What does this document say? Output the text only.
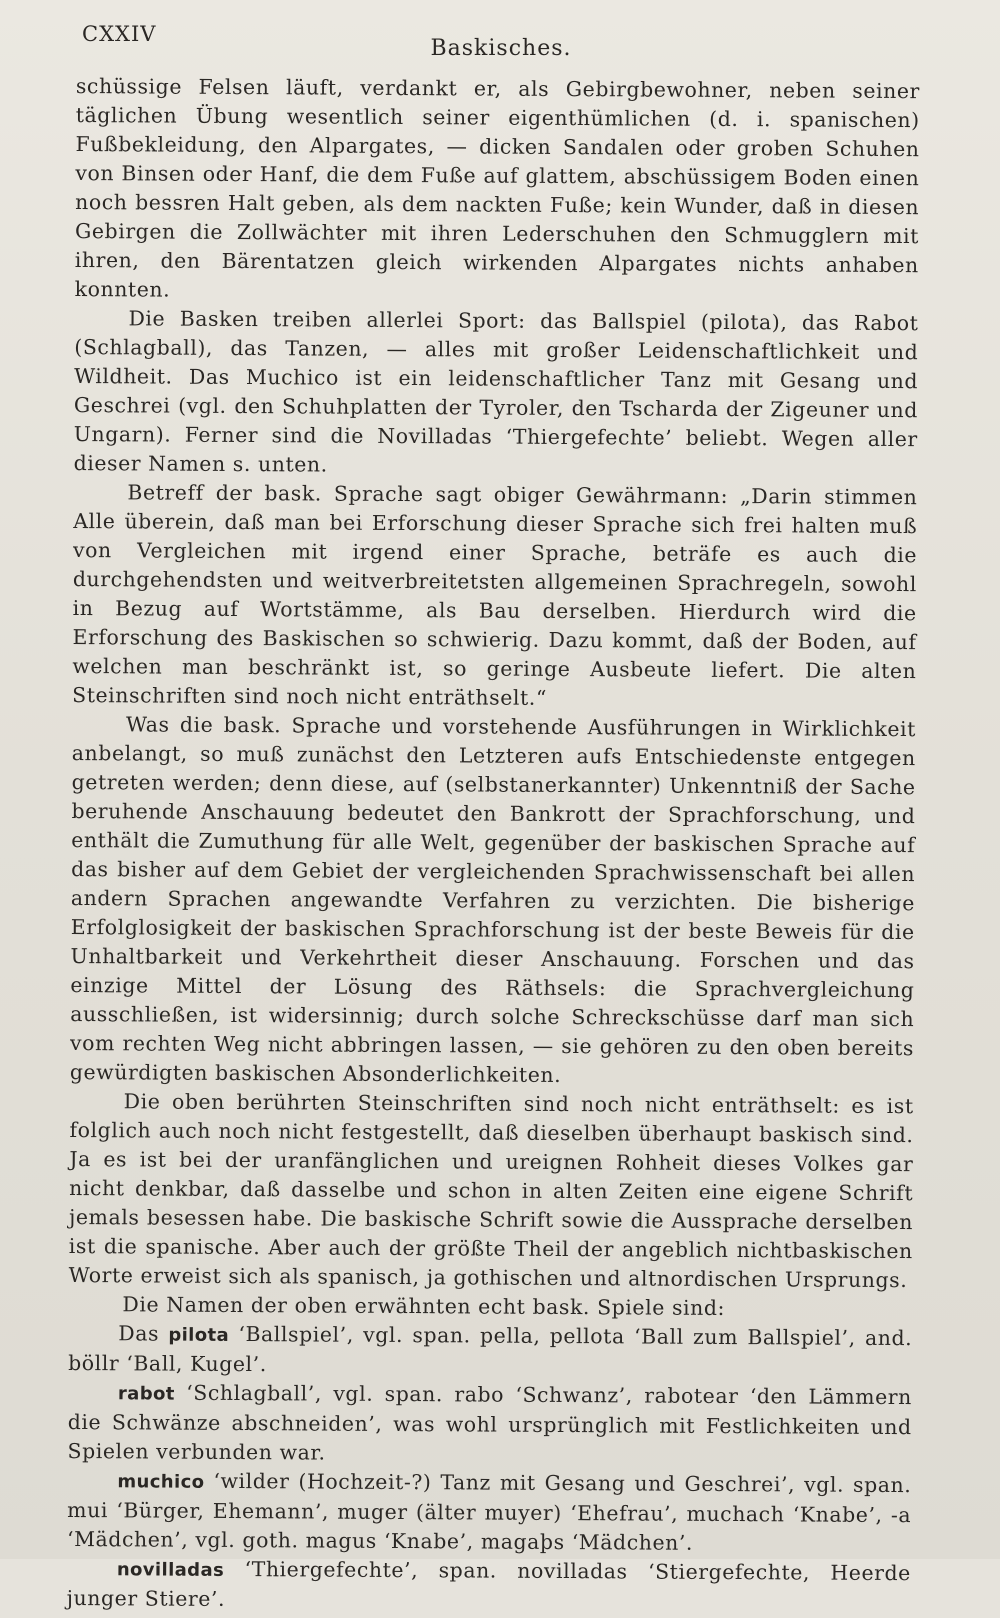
CXXIV
Baskisches.

schüssige Felsen läuft, verdankt er, als Gebirgbewohner, neben seiner täglichen Übung wesentlich seiner eigenthümlichen (d. i. spanischen) Fußbekleidung, den Alpargates, — dicken Sandalen oder groben Schuhen von Binsen oder Hanf, die dem Fuße auf glattem, abschüssigem Boden einen noch bessren Halt geben, als dem nackten Fuße; kein Wunder, daß in diesen Gebirgen die Zollwächter mit ihren Lederschuhen den Schmugglern mit ihren, den Bärentatzen gleich wirkenden Alpargates nichts anhaben konnten.

Die Basken treiben allerlei Sport: das Ballspiel (pilota), das Rabot (Schlagball), das Tanzen, — alles mit großer Leidenschaftlichkeit und Wildheit. Das Muchico ist ein leidenschaftlicher Tanz mit Gesang und Geschrei (vgl. den Schuhplatten der Tyroler, den Tscharda der Zigeuner und Ungarn). Ferner sind die Novilladas ‘Thiergefechte’ beliebt. Wegen aller dieser Namen s. unten.

Betreff der bask. Sprache sagt obiger Gewährmann: „Darin stimmen Alle überein, daß man bei Erforschung dieser Sprache sich frei halten muß von Vergleichen mit irgend einer Sprache, beträfe es auch die durchgehendsten und weitverbreitetsten allgemeinen Sprachregeln, sowohl in Bezug auf Wortstämme, als Bau derselben. Hierdurch wird die Erforschung des Baskischen so schwierig. Dazu kommt, daß der Boden, auf welchen man beschränkt ist, so geringe Ausbeute liefert. Die alten Steinschriften sind noch nicht enträthselt.“

Was die bask. Sprache und vorstehende Ausführungen in Wirklichkeit anbelangt, so muß zunächst den Letzteren aufs Entschiedenste entgegen getreten werden; denn diese, auf (selbstanerkannter) Unkenntniß der Sache beruhende Anschauung bedeutet den Bankrott der Sprachforschung, und enthält die Zumuthung für alle Welt, gegenüber der baskischen Sprache auf das bisher auf dem Gebiet der vergleichenden Sprachwissenschaft bei allen andern Sprachen angewandte Verfahren zu verzichten. Die bisherige Erfolglosigkeit der baskischen Sprachforschung ist der beste Beweis für die Unhaltbarkeit und Verkehrtheit dieser Anschauung. Forschen und das einzige Mittel der Lösung des Räthsels: die Sprachvergleichung ausschließen, ist widersinnig; durch solche Schreckschüsse darf man sich vom rechten Weg nicht abbringen lassen, — sie gehören zu den oben bereits gewürdigten baskischen Absonderlichkeiten.

Die oben berührten Steinschriften sind noch nicht enträthselt: es ist folglich auch noch nicht festgestellt, daß dieselben überhaupt baskisch sind. Ja es ist bei der uranfänglichen und ureignen Rohheit dieses Volkes gar nicht denkbar, daß dasselbe und schon in alten Zeiten eine eigene Schrift jemals besessen habe. Die baskische Schrift sowie die Aussprache derselben ist die spanische. Aber auch der größte Theil der angeblich nichtbaskischen Worte erweist sich als spanisch, ja gothischen und altnordischen Ursprungs.

Die Namen der oben erwähnten echt bask. Spiele sind:

Das pilota ‘Ballspiel’, vgl. span. pella, pellota ‘Ball zum Ballspiel’, and. böllr ‘Ball, Kugel’.

rabot ‘Schlagball’, vgl. span. rabo ‘Schwanz’, rabotear ‘den Lämmern die Schwänze abschneiden’, was wohl ursprünglich mit Festlichkeiten und Spielen verbunden war.

muchico ‘wilder (Hochzeit-?) Tanz mit Gesang und Geschrei’, vgl. span. mui ‘Bürger, Ehemann’, muger (älter muyer) ‘Ehefrau’, muchach ‘Knabe’, -a ‘Mädchen’, vgl. goth. magus ‘Knabe’, magaþs ‘Mädchen’.

novilladas ‘Thiergefechte’, span. novilladas ‘Stiergefechte, Heerde junger Stiere’.
